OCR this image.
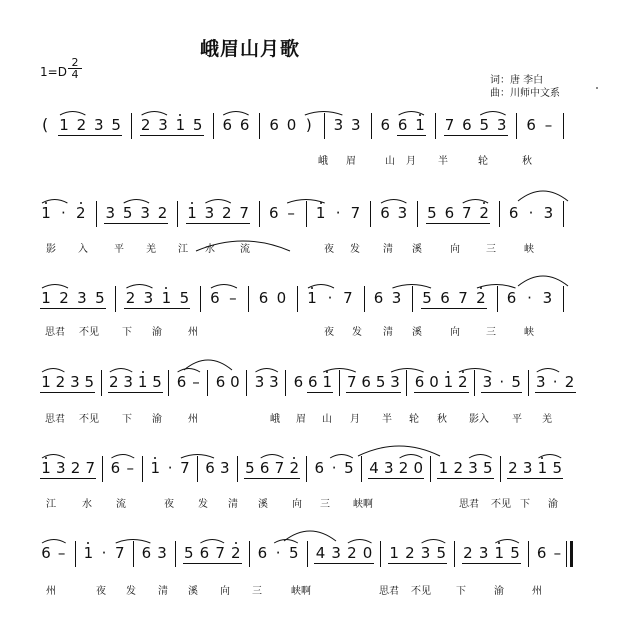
峨眉山月歌
1=D
2
4	词：唐 李白
曲：川师中文系
( 1 2 3 5 2 3 1 5 6 6 6 0 ) 3 3 6 6 1 7 6 5 3 6 –
峨 眉	山 月 半	轮	秋
1 · 2 3 5 3 2 1 3 2 7 6 – 1 · 7 6 3 5 6 7 2 6 · 3
影 入	平 羌 江 水	流	夜 发 清 溪	向	三	峡
1 2 3 5 2 3 1 5 6 – 6 0 1 · 7 6 3 5 6 7 2 6 · 3
思君 不见 下 渝	州	夜 发 清 溪	向	三	峡
1 2 3 5 2 3 1 5 6 – 6 0 3 3 6 6 1 7 6 5 3 6 0 1 2 3 · 5 3 · 2
思君 不见 下 渝	州	峨 眉 山 月 半 轮 秋 影入 平 羌
1 3 2 7 6 – 1 · 7 6 3 5 6 7 2 6 · 5 4 3 2 0 1 2 3 5 2 3 1 5
江	水 流	夜 发 清 溪 向 三 峡啊	思君 不见 下 渝
6 – 1 · 7 6 3 5 6 7 2 6 · 5 4 3 2 0 1 2 3 5 2 3 1 5 6 –
州	夜 发 清 溪 向 三	峡啊	思君 不见	下	渝	州
